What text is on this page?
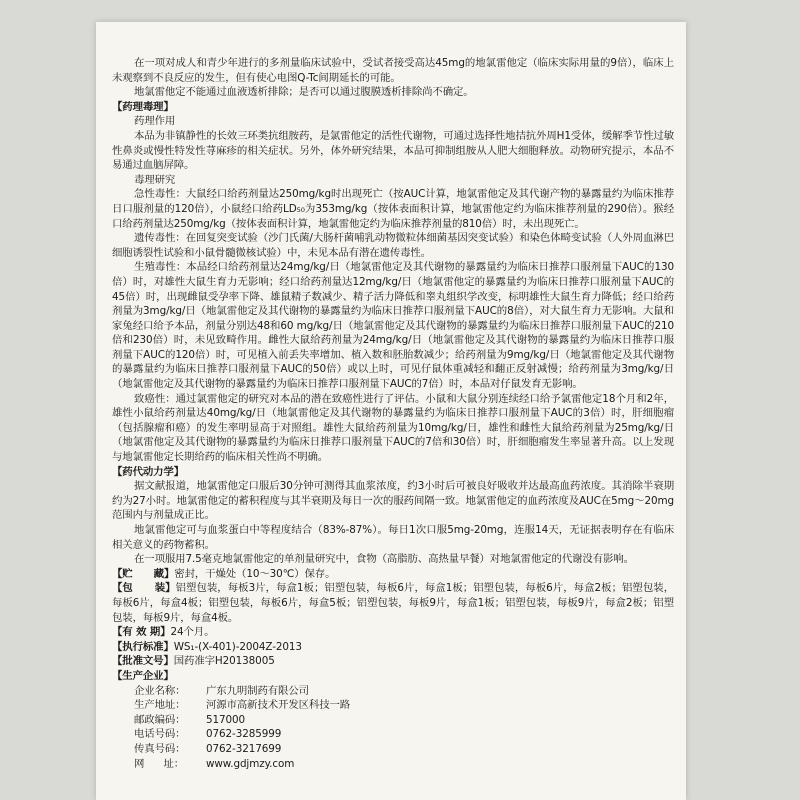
在一项对成人和青少年进行的多剂量临床试验中，受试者接受高达45mg的地氯雷他定（临床实际用量的9倍），临床上未观察到不良反应的发生，但有使心电图Q-Tc间期延长的可能。

地氯雷他定不能通过血液透析排除；是否可以通过腹膜透析排除尚不确定。

【药理毒理】

药理作用

本品为非镇静性的长效三环类抗组胺药，是氯雷他定的活性代谢物，可通过选择性地拮抗外周H1受体，缓解季节性过敏性鼻炎或慢性特发性荨麻疹的相关症状。另外，体外研究结果，本品可抑制组胺从人肥大细胞释放。动物研究提示，本品不易通过血脑屏障。

毒理研究

急性毒性：大鼠经口给药剂量达250mg/kg时出现死亡（按AUC计算，地氯雷他定及其代谢产物的暴露量约为临床推荐日口服剂量的120倍），小鼠经口给药LD₅₀为353mg/kg（按体表面积计算，地氯雷他定约为临床推荐剂量的290倍）。猴经口给药剂量达250mg/kg（按体表面积计算，地氯雷他定约为临床推荐剂量的810倍）时，未出现死亡。

遗传毒性：在回复突变试验（沙门氏菌/大肠杆菌哺乳动物微粒体细菌基因突变试验）和染色体畸变试验（人外周血淋巴细胞诱裂性试验和小鼠骨髓微核试验）中，未见本品有潜在遗传毒性。

生殖毒性：本品经口给药剂量达24mg/kg/日（地氯雷他定及其代谢物的暴露量约为临床日推荐口服剂量下AUC的130倍）时，对雄性大鼠生育力无影响；经口给药剂量达12mg/kg/日（地氯雷他定的暴露量约为临床日推荐口服剂量下AUC的45倍）时，出现雌鼠受孕率下降、雄鼠精子数减少、精子活力降低和睾丸组织学改变，标明雄性大鼠生育力降低；经口给药剂量为3mg/kg/日（地氯雷他定及其代谢物的暴露量约为临床日推荐口服剂量下AUC的8倍），对大鼠生育力无影响。大鼠和家兔经口给予本品，剂量分别达48和60 mg/kg/日（地氯雷他定及其代谢物的暴露量约为临床日推荐口服剂量下AUC的210倍和230倍）时，未见致畸作用。雌性大鼠给药剂量为24mg/kg/日（地氯雷他定及其代谢物的暴露量约为临床日推荐口服剂量下AUC的120倍）时，可见植入前丢失率增加、植入数和胚胎数减少；给药剂量为9mg/kg/日（地氯雷他定及其代谢物的暴露量约为临床日推荐口服剂量下AUC的50倍）或以上时，可见仔鼠体重减轻和翻正反射减慢；给药剂量为3mg/kg/日（地氯雷他定及其代谢物的暴露量约为临床日推荐口服剂量下AUC的7倍）时，本品对仔鼠发育无影响。

致癌性：通过氯雷他定的研究对本品的潜在致癌性进行了评估。小鼠和大鼠分别连续经口给予氯雷他定18个月和2年，雄性小鼠给药剂量达40mg/kg/日（地氯雷他定及其代谢物的暴露量约为临床日推荐口服剂量下AUC的3倍）时，肝细胞瘤（包括腺瘤和癌）的发生率明显高于对照组。雄性大鼠给药剂量为10mg/kg/日，雄性和雌性大鼠给药剂量为25mg/kg/日（地氯雷他定及其代谢物的暴露量约为临床日推荐口服剂量下AUC的7倍和30倍）时，肝细胞瘤发生率显著升高。以上发现与地氯雷他定长期给药的临床相关性尚不明确。

【药代动力学】

据文献报道，地氯雷他定口服后30分钟可测得其血浆浓度，约3小时后可被良好吸收并达最高血药浓度。其消除半衰期约为27小时。地氯雷他定的蓄积程度与其半衰期及每日一次的服药间隔一致。地氯雷他定的血药浓度及AUC在5mg～20mg范围内与剂量成正比。

地氯雷他定可与血浆蛋白中等程度结合（83%-87%）。每日1次口服5mg-20mg，连服14天，无证据表明存在有临床相关意义的药物蓄积。

在一项服用7.5毫克地氯雷他定的单剂量研究中，食物（高脂肪、高热量早餐）对地氯雷他定的代谢没有影响。

【贮      藏】密封，干燥处（10～30℃）保存。

【包      装】铝塑包装，每板3片，每盒1板；铝塑包装，每板6片，每盒1板；铝塑包装，每板6片，每盒2板；铝塑包装，每板6片，每盒4板；铝塑包装，每板6片，每盒5板；铝塑包装，每板9片，每盒1板；铝塑包装，每板9片，每盒2板；铝塑包装，每板9片，每盒4板。

【有 效 期】24个月。

【执行标准】WS₁-(X-401)-2004Z-2013

【批准文号】国药准字H20138005

【生产企业】

企业名称：	广东九明制药有限公司
生产地址：	河源市高新技术开发区科技一路
邮政编码：	517000
电话号码：	0762-3285999
传真号码：	0762-3217699
网      址：	www.gdjmzy.com
